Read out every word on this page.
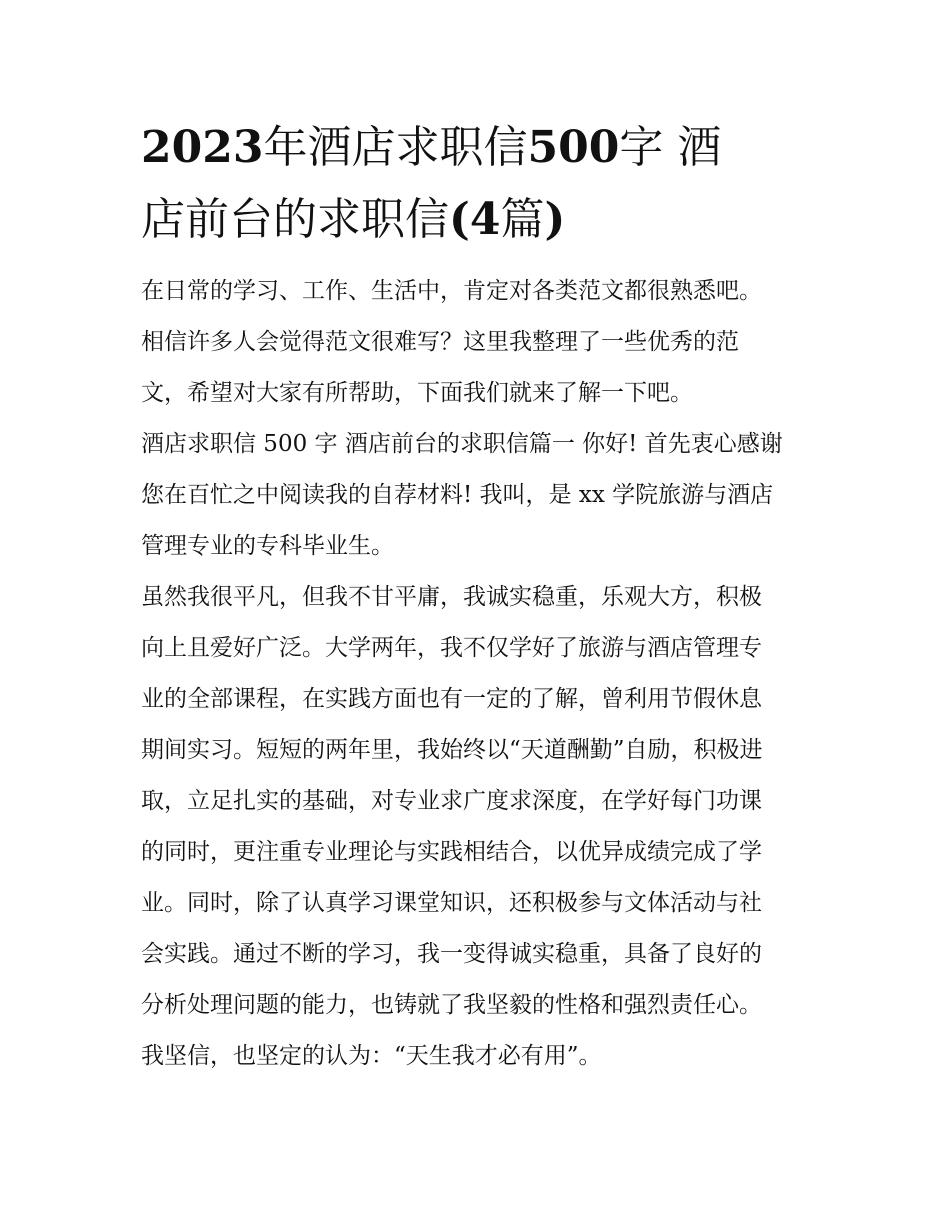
2023年酒店求职信500字 酒
店前台的求职信(4篇)
在日常的学习、工作、生活中，肯定对各类范文都很熟悉吧。
相信许多人会觉得范文很难写？这里我整理了一些优秀的范
文，希望对大家有所帮助，下面我们就来了解一下吧。
酒店求职信 500 字 酒店前台的求职信篇一 你好! 首先衷心感谢
您在百忙之中阅读我的自荐材料! 我叫，是 xx 学院旅游与酒店
管理专业的专科毕业生。
虽然我很平凡，但我不甘平庸，我诚实稳重，乐观大方，积极
向上且爱好广泛。大学两年，我不仅学好了旅游与酒店管理专
业的全部课程，在实践方面也有一定的了解，曾利用节假休息
期间实习。短短的两年里，我始终以“天道酬勤”自励，积极进
取，立足扎实的基础，对专业求广度求深度，在学好每门功课
的同时，更注重专业理论与实践相结合，以优异成绩完成了学
业。同时，除了认真学习课堂知识，还积极参与文体活动与社
会实践。通过不断的学习，我一变得诚实稳重，具备了良好的
分析处理问题的能力，也铸就了我坚毅的性格和强烈责任心。
我坚信，也坚定的认为：“天生我才必有用”。
